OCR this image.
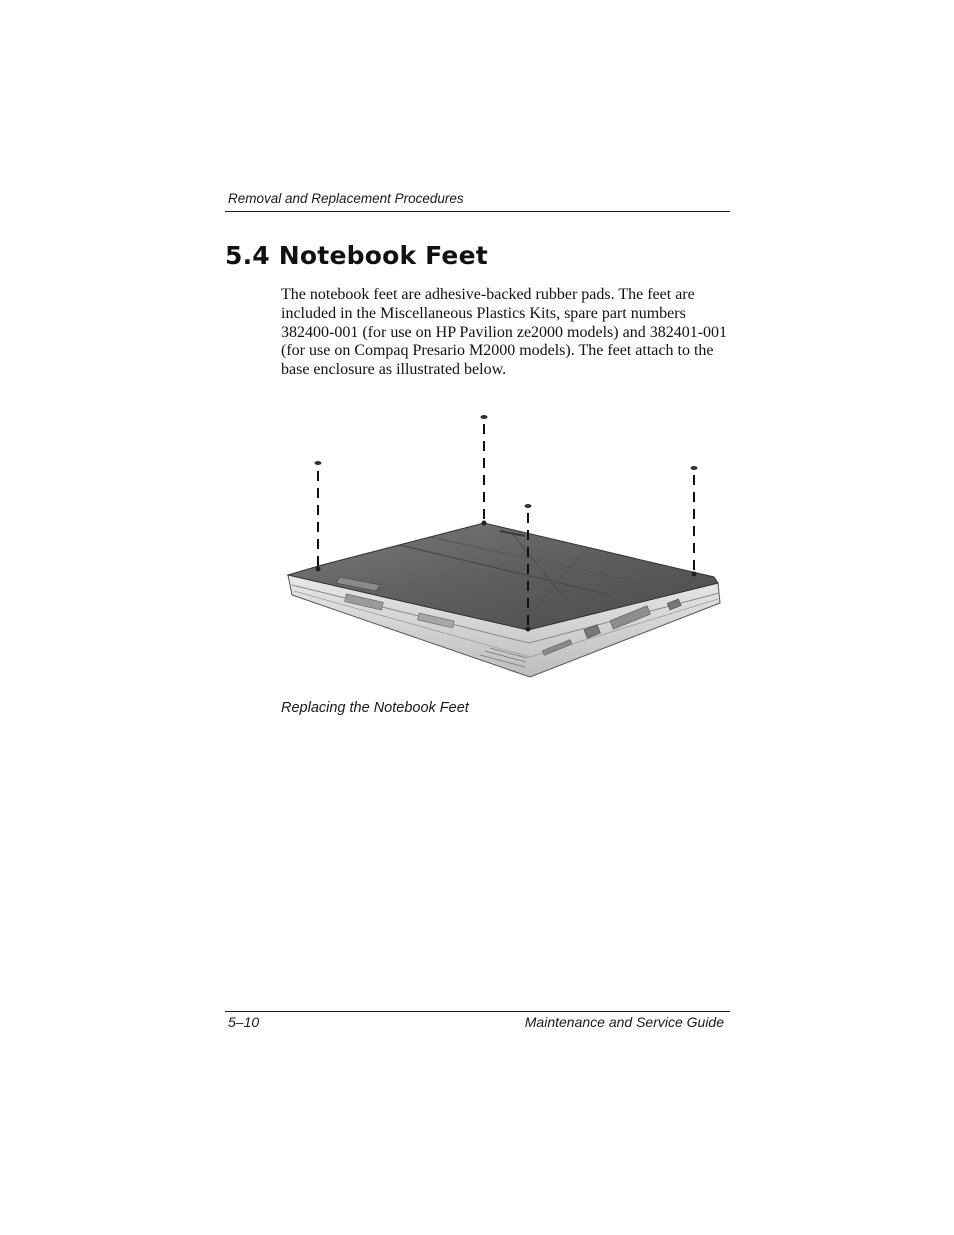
Removal and Replacement Procedures
5.4 Notebook Feet

The notebook feet are adhesive-backed rubber pads. The feet are included in the Miscellaneous Plastics Kits, spare part numbers 382400-001 (for use on HP Pavilion ze2000 models) and 382401-001 (for use on Compaq Presario M2000 models). The feet attach to the base enclosure as illustrated below.

Replacing the Notebook Feet
5–10	Maintenance and Service Guide
